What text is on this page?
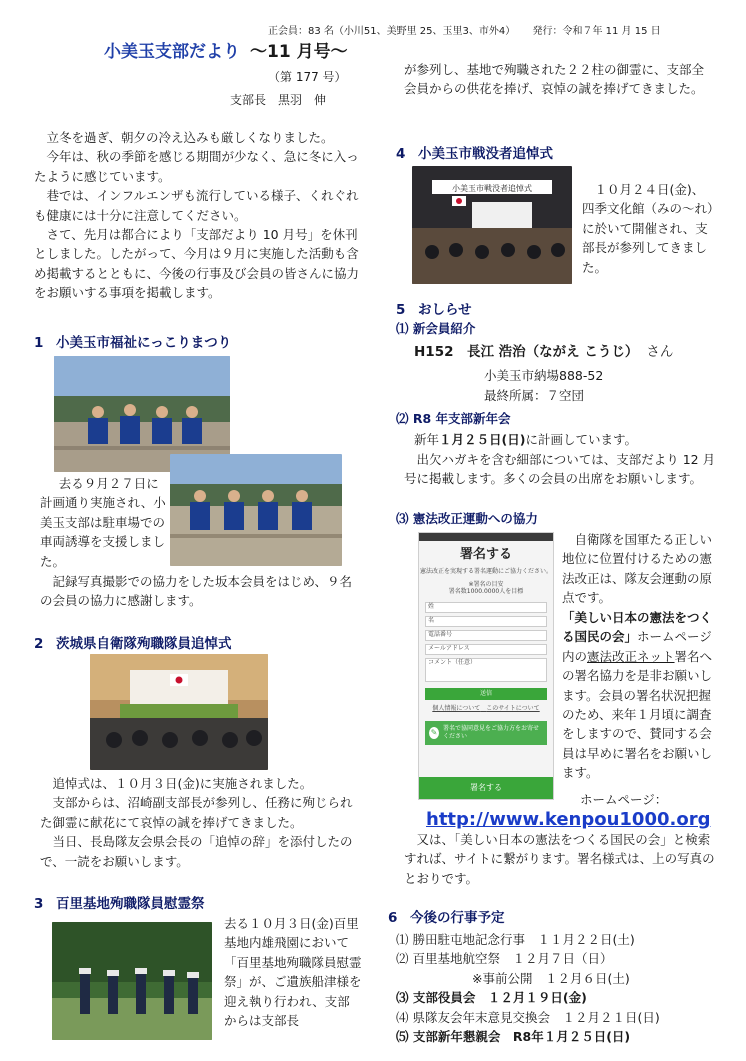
正会員：83 名（小川51、美野里 25、玉里3、市外4） 発行：令和７年 11 月 15 日
小美玉支部だより ～11 月号～
（第 177 号）
支部長　黒羽　伸

立冬を過ぎ、朝夕の冷え込みも厳しくなりました。

今年は、秋の季節を感じる期間が少なく、急に冬に入ったように感じています。

巷では、インフルエンザも流行している様子、くれぐれも健康には十分に注意してください。

さて、先月は都合により「支部だより 10 月号」を休刊としました。したがって、今月は９月に実施した活動も含め掲載するとともに、今後の行事及び会員の皆さんに協力をお願いする事項を掲載します。

1 小美玉市福祉にっこりまつり
去る９月２７日に計画通り実施され、小美玉支部は駐車場での車両誘導を支援しました。
記録写真撮影での協力をした坂本会員をはじめ、９名の会員の協力に感謝します。
2 茨城県自衛隊殉職隊員追悼式

追悼式は、１０月３日(金)に実施されました。

支部からは、沼崎副支部長が参列し、任務に殉じられた御霊に献花にて哀悼の誠を捧げてきました。

当日、長島隊友会県会長の「追悼の辞」を添付したので、一読をお願いします。

3 百里基地殉職隊員慰霊祭
去る１０月３日(金)百里基地内雄飛園において「百里基地殉職隊員慰霊祭」が、ご遺族船津様を迎え執り行われ、支部からは支部長
が参列し、基地で殉職された２２柱の御霊に、支部全会員からの供花を捧げ、哀悼の誠を捧げてきました。
4 小美玉市戦没者追悼式
小美玉市戦没者追悼式	１０月２４日(金)、四季文化館（みの～れ）に於いて開催され、支部長が参列してきました。
5 おしらせ
⑴ 新会員紹介
H152　長江 浩治（ながえ こうじ） さん
小美玉市納場888-52
最終所属：７空団
⑵ R8 年支部新年会
新年１月２５日(日)に計画しています。
出欠ハガキを含む細部については、支部だより 12 月号に掲載します。多くの会員の出席をお願いします。
⑶ 憲法改正運動への協力
署名する
憲法改正を実現する署名運動にご協力ください。
※署名の目安
署名数1000.0000人を目標
姓
名
電話番号
メールアドレス
コメント（任意）
送信
個人情報について　 このサイトについて
✎ 署名で協同意見をご協力方をお寄せください
署名する
自衛隊を国軍たる正しい地位に位置付けるための憲法改正は、隊友会運動の原点です。
「美しい日本の憲法をつくる国民の会」ホームページ内の憲法改正ネット署名への署名協力を是非お願いします。会員の署名状況把握のため、来年１月頃に調査をしますので、賛同する会員は早めに署名をお願いします。
ホームページ：
http://www.kenpou1000.org
又は、「美しい日本の憲法をつくる国民の会」と検索すれば、サイトに繋がります。署名様式は、上の写真のとおりです。
6 今後の行事予定
⑴ 勝田駐屯地記念行事　 １１月２２日(土)
⑵ 百里基地航空祭　 １２月７日（日）
※事前公開　 １２月６日(土)
⑶ 支部役員会　 １２月１９日(金)
⑷ 県隊友会年末意見交換会　 １２月２１日(日)
⑸ 支部新年懇親会　 R8年１月２５日(日)
